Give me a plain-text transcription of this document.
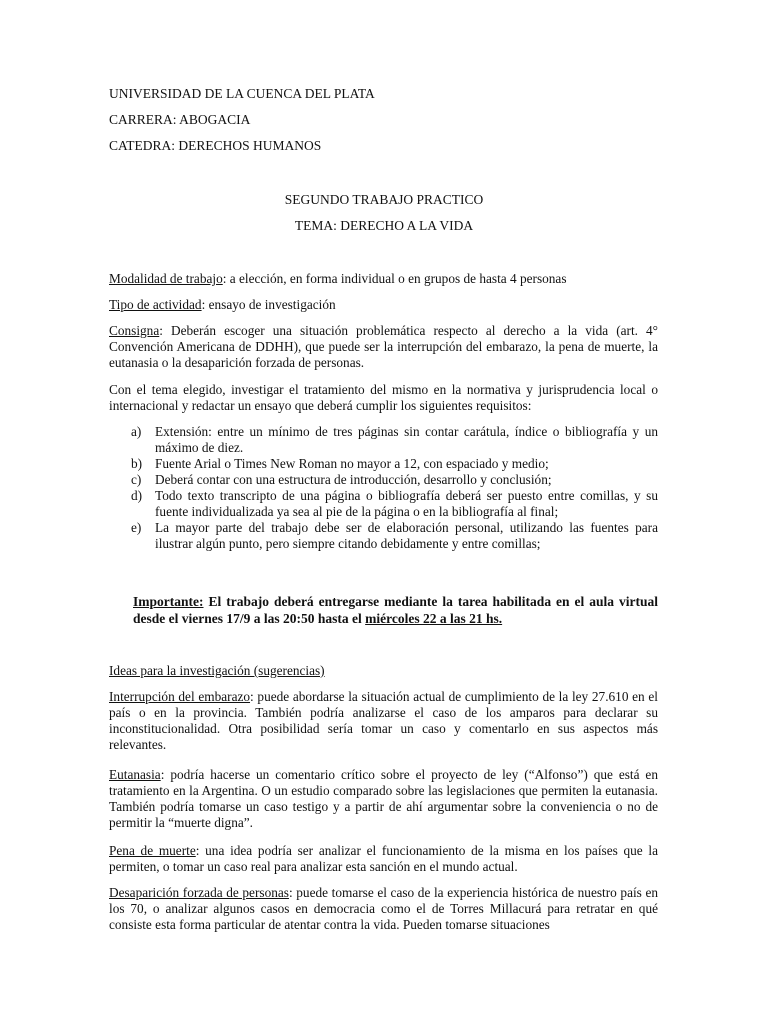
UNIVERSIDAD DE LA CUENCA DEL PLATA

CARRERA: ABOGACIA

CATEDRA: DERECHOS HUMANOS

SEGUNDO TRABAJO PRACTICO

TEMA: DERECHO A LA VIDA

Modalidad de trabajo: a elección, en forma individual o en grupos de hasta 4 personas

Tipo de actividad: ensayo de investigación

Consigna: Deberán escoger una situación problemática respecto al derecho a la vida (art. 4° Convención Americana de DDHH), que puede ser la interrupción del embarazo, la pena de muerte, la eutanasia o la desaparición forzada de personas.

Con el tema elegido, investigar el tratamiento del mismo en la normativa y jurisprudencia local o internacional y redactar un ensayo que deberá cumplir los siguientes requisitos:

a) Extensión: entre un mínimo de tres páginas sin contar carátula, índice o bibliografía y un máximo de diez.
b) Fuente Arial o Times New Roman no mayor a 12, con espaciado y medio;
c) Deberá contar con una estructura de introducción, desarrollo y conclusión;
d) Todo texto transcripto de una página o bibliografía deberá ser puesto entre comillas, y su fuente individualizada ya sea al pie de la página o en la bibliografía al final;
e) La mayor parte del trabajo debe ser de elaboración personal, utilizando las fuentes para ilustrar algún punto, pero siempre citando debidamente y entre comillas;

Importante: El trabajo deberá entregarse mediante la tarea habilitada en el aula virtual desde el viernes 17/9 a las 20:50 hasta el miércoles 22 a las 21 hs.

Ideas para la investigación (sugerencias)

Interrupción del embarazo: puede abordarse la situación actual de cumplimiento de la ley 27.610 en el país o en la provincia. También podría analizarse el caso de los amparos para declarar su inconstitucionalidad. Otra posibilidad sería tomar un caso y comentarlo en sus aspectos más relevantes.

Eutanasia: podría hacerse un comentario crítico sobre el proyecto de ley (“Alfonso”) que está en tratamiento en la Argentina. O un estudio comparado sobre las legislaciones que permiten la eutanasia. También podría tomarse un caso testigo y a partir de ahí argumentar sobre la conveniencia o no de permitir la “muerte digna”.

Pena de muerte: una idea podría ser analizar el funcionamiento de la misma en los países que la permiten, o tomar un caso real para analizar esta sanción en el mundo actual.

Desaparición forzada de personas: puede tomarse el caso de la experiencia histórica de nuestro país en los 70, o analizar algunos casos en democracia como el de Torres Millacurá para retratar en qué consiste esta forma particular de atentar contra la vida. Pueden tomarse situaciones
